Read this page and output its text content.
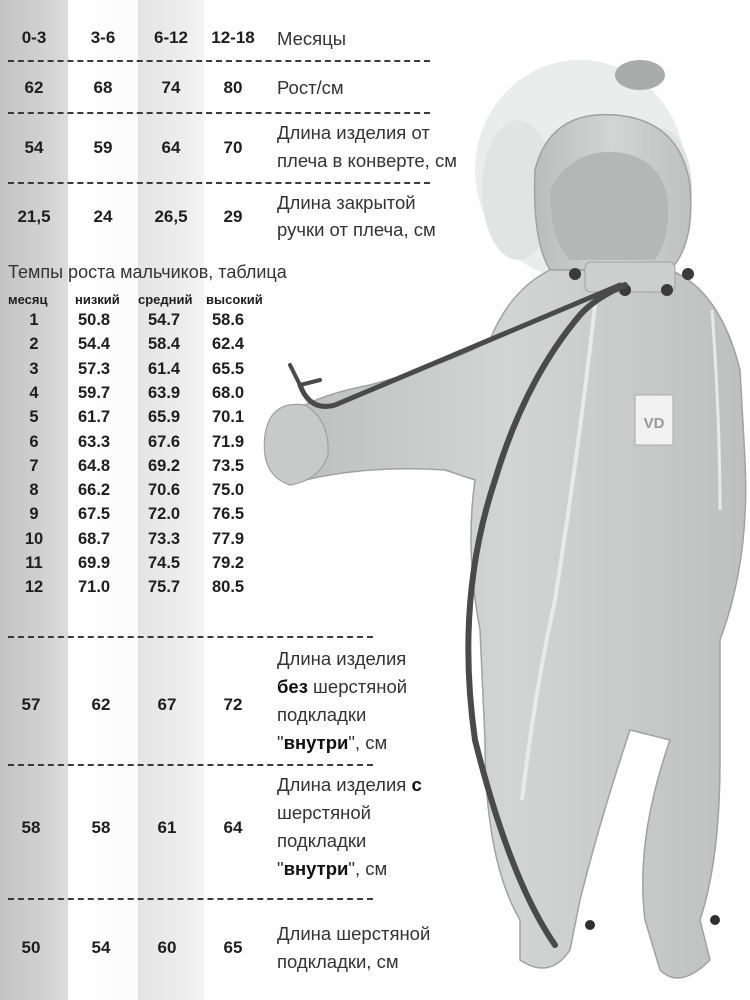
VD
0-3	3-6	6-12	12-18	Месяцы
62	68	74	80	Рост/см
54	59	64	70
Длина изделия от
плеча в конверте, см
21,5	24	26,5	29
Длина закрытой
ручки от плеча, см
Темпы роста мальчиков, таблица
месяц низкий средний высокий
1	50.8 54.7 58.6
2	54.4 58.4 62.4
3	57.3 61.4 65.5
4	59.7 63.9 68.0
5	61.7 65.9 70.1
6	63.3 67.6 71.9
7	64.8 69.2 73.5
8	66.2 70.6 75.0
9	67.5 72.0 76.5
10	68.7 73.3 77.9
11	69.9 74.5 79.2
12	71.0 75.7 80.5
57	62	67	72
Длина изделия
без шерстяной
подкладки
"внутри", см
58	58	61	64
Длина изделия с
шерстяной
подкладки
"внутри", см
50	54	60	65
Длина шерстяной
подкладки, см
